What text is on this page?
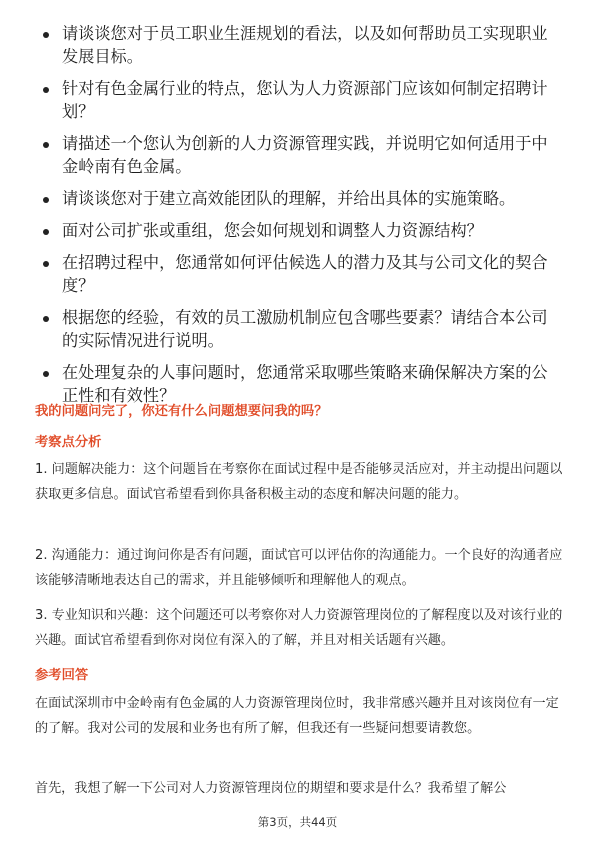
请谈谈您对于员工职业生涯规划的看法，以及如何帮助员工实现职业发展目标。
针对有色金属行业的特点，您认为人力资源部门应该如何制定招聘计划？
请描述一个您认为创新的人力资源管理实践，并说明它如何适用于中金岭南有色金属。
请谈谈您对于建立高效能团队的理解，并给出具体的实施策略。
面对公司扩张或重组，您会如何规划和调整人力资源结构？
在招聘过程中，您通常如何评估候选人的潜力及其与公司文化的契合度？
根据您的经验，有效的员工激励机制应包含哪些要素？请结合本公司的实际情况进行说明。
在处理复杂的人事问题时，您通常采取哪些策略来确保解决方案的公正性和有效性？

我的问题问完了，你还有什么问题想要问我的吗？

考察点分析

1. 问题解决能力：这个问题旨在考察你在面试过程中是否能够灵活应对，并主动提出问题以获取更多信息。面试官希望看到你具备积极主动的态度和解决问题的能力。

2. 沟通能力：通过询问你是否有问题，面试官可以评估你的沟通能力。一个良好的沟通者应该能够清晰地表达自己的需求，并且能够倾听和理解他人的观点。

3. 专业知识和兴趣：这个问题还可以考察你对人力资源管理岗位的了解程度以及对该行业的兴趣。面试官希望看到你对岗位有深入的了解，并且对相关话题有兴趣。

参考回答

在面试深圳市中金岭南有色金属的人力资源管理岗位时，我非常感兴趣并且对该岗位有一定的了解。我对公司的发展和业务也有所了解，但我还有一些疑问想要请教您。

首先，我想了解一下公司对人力资源管理岗位的期望和要求是什么？我希望了解公

第3页，共44页
